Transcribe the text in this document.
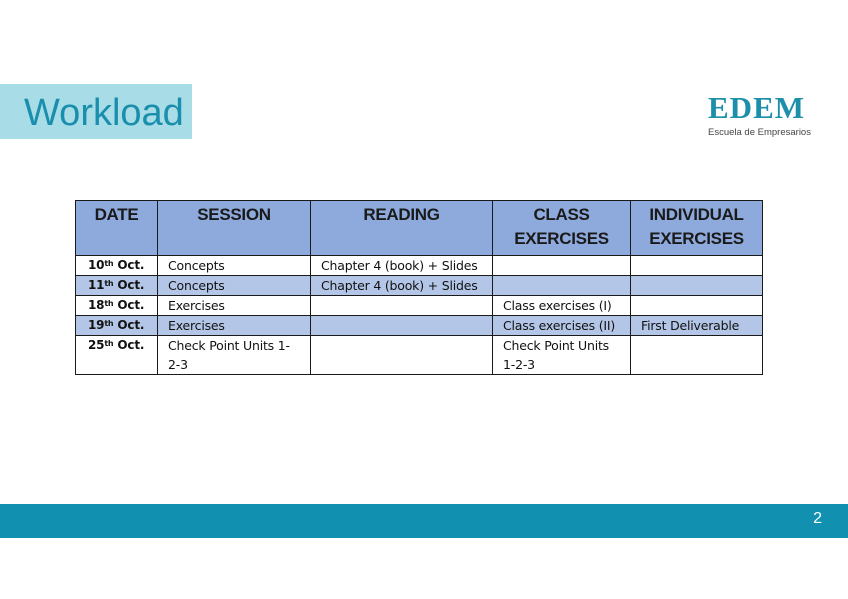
Workload	EDEM
Escuela de Empresarios
DATE	SESSION	READING	CLASS EXERCISES	INDIVIDUAL EXERCISES
10th Oct.	Concepts	Chapter 4 (book) + Slides		
11th Oct.	Concepts	Chapter 4 (book) + Slides		
18th Oct.	Exercises		Class exercises (I)	
19th Oct.	Exercises		Class exercises (II)	First Deliverable
25th Oct.	Check Point Units 1-2-3		Check Point Units 1-2-3	
2
